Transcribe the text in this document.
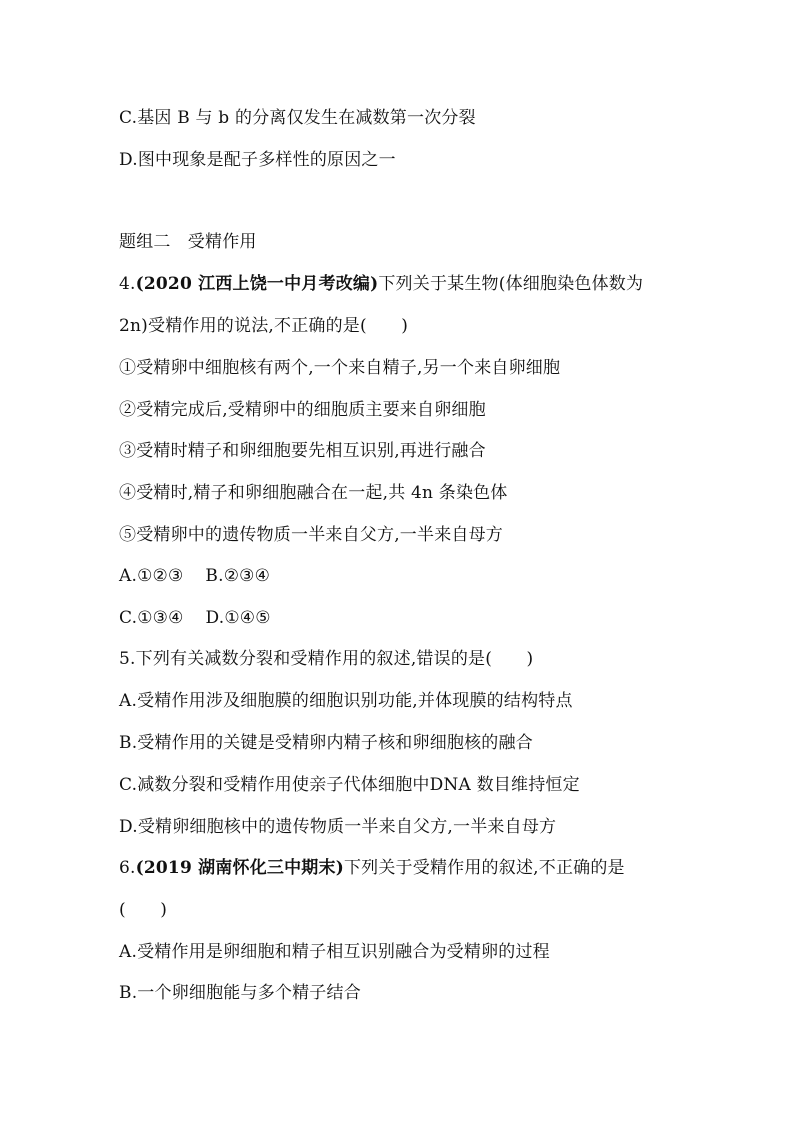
C.基因 B 与 b 的分离仅发生在减数第一次分裂
D.图中现象是配子多样性的原因之一
题组二　受精作用
4.(2020 江西上饶一中月考改编)下列关于某生物(体细胞染色体数为
2n)受精作用的说法,不正确的是(　　)
①受精卵中细胞核有两个,一个来自精子,另一个来自卵细胞
②受精完成后,受精卵中的细胞质主要来自卵细胞
③受精时精子和卵细胞要先相互识别,再进行融合
④受精时,精子和卵细胞融合在一起,共 4n 条染色体
⑤受精卵中的遗传物质一半来自父方,一半来自母方
A.①②③ B.②③④
C.①③④ D.①④⑤
5.下列有关减数分裂和受精作用的叙述,错误的是(　　)
A.受精作用涉及细胞膜的细胞识别功能,并体现膜的结构特点
B.受精作用的关键是受精卵内精子核和卵细胞核的融合
C.减数分裂和受精作用使亲子代体细胞中DNA 数目维持恒定
D.受精卵细胞核中的遗传物质一半来自父方,一半来自母方
6.(2019 湖南怀化三中期末)下列关于受精作用的叙述,不正确的是
(　　)
A.受精作用是卵细胞和精子相互识别融合为受精卵的过程
B.一个卵细胞能与多个精子结合
